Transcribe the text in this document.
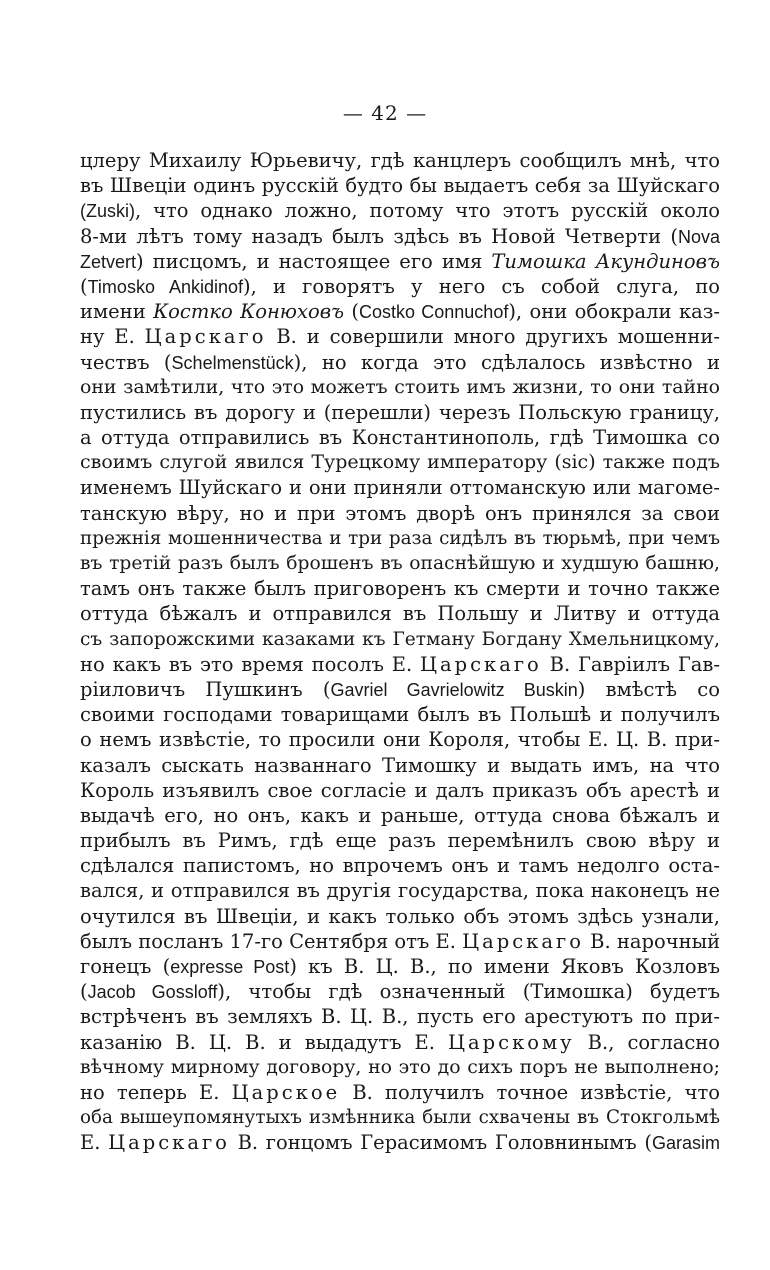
— 42 —
цлеру Михаилу Юрьевичу, гдѣ канцлеръ сообщилъ мнѣ, что
въ Швеціи одинъ русскій будто бы выдаетъ себя за Шуйскаго
(Zuski), что однако ложно, потому что этотъ русскій около
8-ми лѣтъ тому назадъ былъ здѣсь въ Новой Четверти (Nova
Zetvert) писцомъ, и настоящее его имя Тимошка Акундиновъ
(Timosko Ankidinof), и говорятъ у него съ собой слуга, по
имени Костко Конюховъ (Costko Connuchof), они обокрали каз-
ну Е. Царскаго В. и совершили много другихъ мошенни-
чествъ (Schelmenstück), но когда это сдѣлалось извѣстно и
они замѣтили, что это можетъ стоить имъ жизни, то они тайно
пустились въ дорогу и (перешли) черезъ Польскую границу,
а оттуда отправились въ Константинополь, гдѣ Тимошка со
своимъ слугой явился Турецкому императору (sic) также подъ
именемъ Шуйскаго и они приняли оттоманскую или магоме-
танскую вѣру, но и при этомъ дворѣ онъ принялся за свои
прежнія мошенничества и три раза сидѣлъ въ тюрьмѣ, при чемъ
въ третій разъ былъ брошенъ въ опаснѣйшую и худшую башню,
тамъ онъ также былъ приговоренъ къ смерти и точно также
оттуда бѣжалъ и отправился въ Польшу и Литву и оттуда
съ запорожскими казаками къ Гетману Богдану Хмельницкому,
но какъ въ это время посолъ Е. Царскаго В. Гаврiилъ Гав-
ріиловичъ Пушкинъ (Gavriel Gavrielowitz Buskin) вмѣстѣ со
своими господами товарищами былъ въ Польшѣ и получилъ
о немъ извѣстіе, то просили они Короля, чтобы Е. Ц. В. при-
казалъ сыскать названнаго Тимошку и выдать имъ, на что
Король изъявилъ свое согласіе и далъ приказъ объ арестѣ и
выдачѣ его, но онъ, какъ и раньше, оттуда снова бѣжалъ и
прибылъ въ Римъ, гдѣ еще разъ перемѣнилъ свою вѣру и
сдѣлался папистомъ, но впрочемъ онъ и тамъ недолго оста-
вался, и отправился въ другія государства, пока наконецъ не
очутился въ Швеціи, и какъ только объ этомъ здѣсь узнали,
былъ посланъ 17-го Сентября отъ Е. Царскаго В. нарочный
гонецъ (expresse Post) къ В. Ц. В., по имени Яковъ Козловъ
(Jacob Gossloff), чтобы гдѣ означенный (Тимошка) будетъ
встрѣченъ въ земляхъ В. Ц. В., пусть его арестуютъ по при-
казанію В. Ц. В. и выдадутъ Е. Царскому В., согласно
вѣчному мирному договору, но это до сихъ поръ не выполнено;
но теперь Е. Царское В. получилъ точное извѣстіе, что
оба вышеупомянутыхъ измѣнника были схвачены въ Стокгольмѣ
Е. Царскаго В. гонцомъ Герасимомъ Головнинымъ (Garasim
